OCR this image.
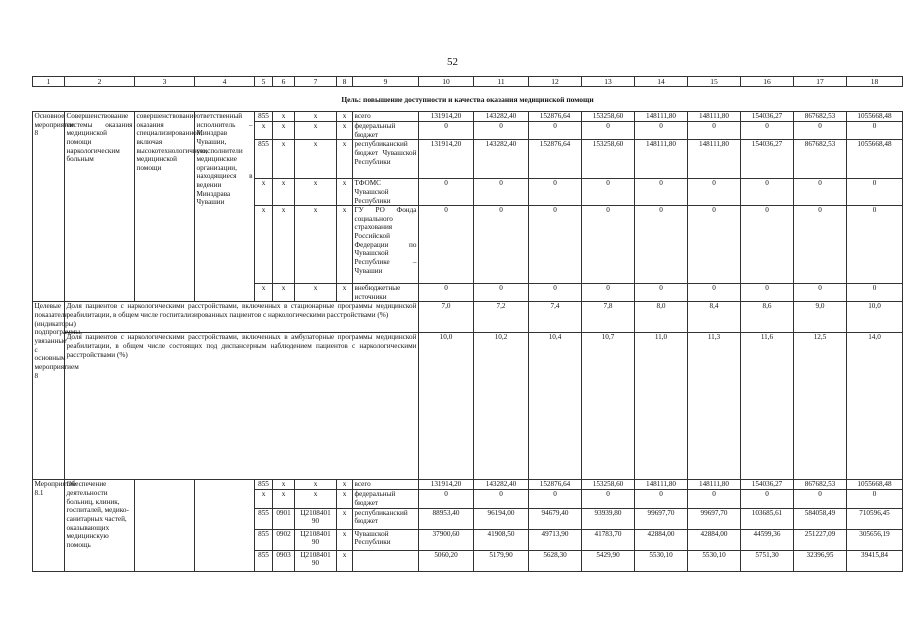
52
1	2	3	4	5	6	7	8	9	10	11	12	13	14	15	16	17	18
Цель: повышение доступности и качества оказания медицинской помощи																	
Основное мероприятие 8	Совершенствование системы оказания медицинской помощи наркологическим больным	совершенствование оказания специализированной, включая высокотехнологичную, медицинской помощи	ответственный исполнитель – Минздрав Чувашии, соисполнители медицинские организации, находящиеся в ведении Минздрава Чувашии	855	x	x	x	всего	131914,20	143282,40	152876,64	153258,60	148111,80	148111,80	154036,27	867682,53	1055668,48
				x	x	x	x	федеральный бюджет	0	0	0	0	0	0	0	0	0
				855	x	x	x	республиканский бюджет Чувашской Республики	131914,20	143282,40	152876,64	153258,60	148111,80	148111,80	154036,27	867682,53	1055668,48
				x	x	x	x	ТФОМС Чувашской Республики	0	0	0	0	0	0	0	0	0
				x	x	x	x	ГУ РО Фонда социального страхования Российской Федерации по Чувашской Республике – Чувашии	0	0	0	0	0	0	0	0	0
				x	x	x	x	внебюджетные источники	0	0	0	0	0	0	0	0	0
Целевые показатели (индикаторы) подпрограммы, увязанные с основным мероприятием 8	Доля пациентов с наркологическими расстройствами, включенных в стационарные программы медицинской реабилитации, в общем числе госпитализированных пациентов с наркологическими расстройствами (%)								7,0	7,2	7,4	7,8	8,0	8,4	8,6	9,0	10,0
	Доля пациентов с наркологическими расстройствами, включенных в амбулаторные программы медицинской реабилитации, в общем числе состоящих под диспансерным наблюдением пациентов с наркологическими расстройствами (%)								10,0	10,2	10,4	10,7	11,0	11,3	11,6	12,5	14,0
Мероприятие 8.1	Обеспечение деятельности больниц, клиник, госпиталей, медико-санитарных частей, оказывающих медицинскую помощь			855	x	x	x	всего	131914,20	143282,40	152876,64	153258,60	148111,80	148111,80	154036,27	867682,53	1055668,48
				x	x	x	x	федеральный бюджет	0	0	0	0	0	0	0	0	0
				855	0901	Ц2108401 90	x	республиканский бюджет	88953,40	96194,00	94679,40	93939,80	99697,70	99697,70	103685,61	584058,49	710596,45
				855	0902	Ц2108401 90	x	Чувашской Республики	37900,60	41908,50	49713,90	41783,70	42884,00	42884,00	44599,36	251227,09	305656,19
				855	0903	Ц2108401 90	x		5060,20	5179,90	5628,30	5429,90	5530,10	5530,10	5751,30	32396,95	39415,84
